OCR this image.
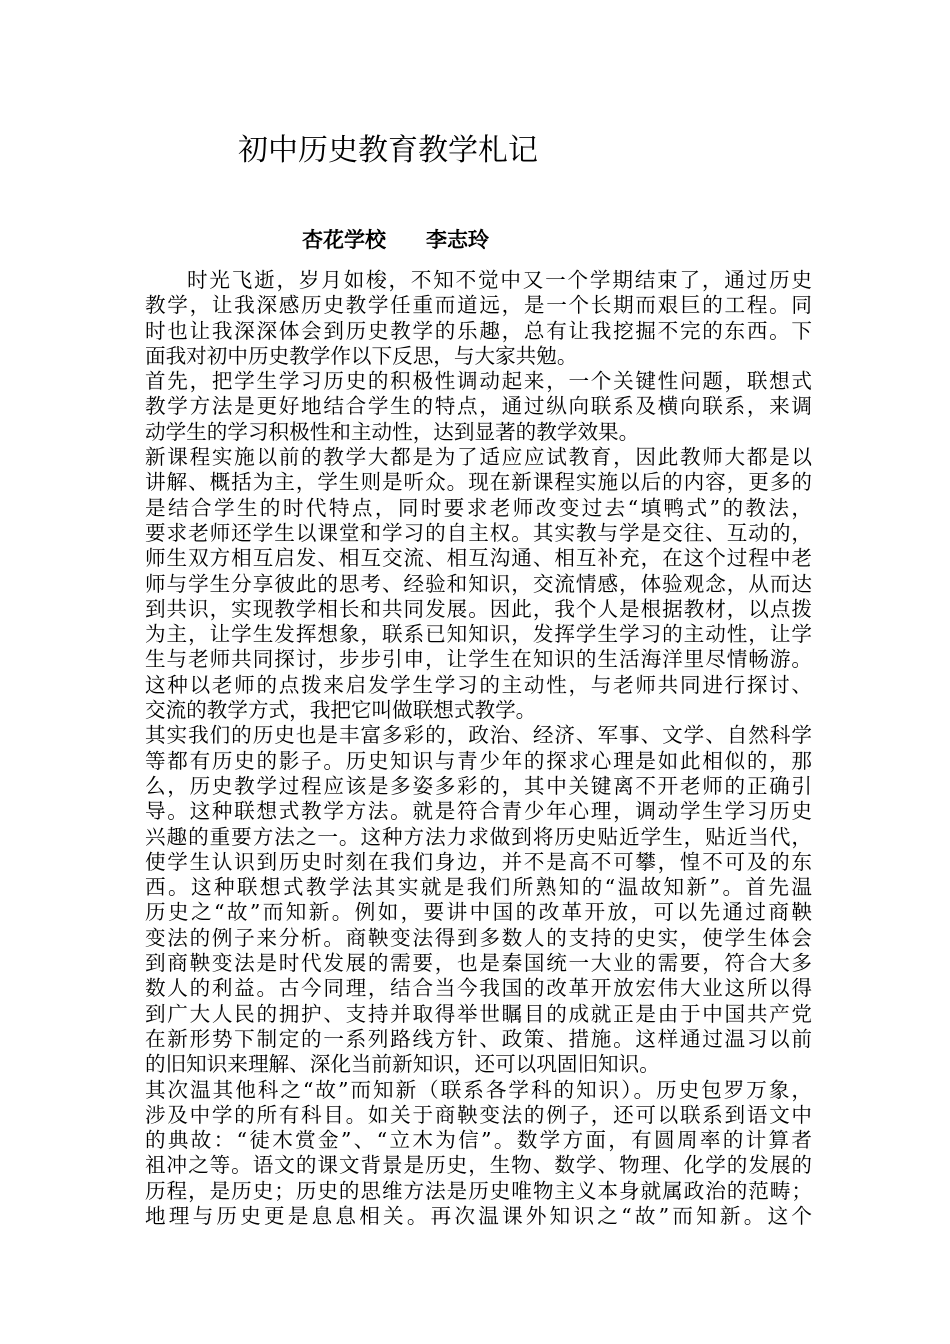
初中历史教育教学札记
杏花学校 李志玲
时光飞逝，岁月如梭，不知不觉中又一个学期结束了，通过历史
教学，让我深感历史教学任重而道远，是一个长期而艰巨的工程。同
时也让我深深体会到历史教学的乐趣，总有让我挖掘不完的东西。下
面我对初中历史教学作以下反思，与大家共勉。
首先，把学生学习历史的积极性调动起来，一个关键性问题，联想式
教学方法是更好地结合学生的特点，通过纵向联系及横向联系，来调
动学生的学习积极性和主动性，达到显著的教学效果。
新课程实施以前的教学大都是为了适应应试教育，因此教师大都是以
讲解、概括为主，学生则是听众。现在新课程实施以后的内容，更多的
是结合学生的时代特点，同时要求老师改变过去“填鸭式”的教法，
要求老师还学生以课堂和学习的自主权。其实教与学是交往、互动的，
师生双方相互启发、相互交流、相互沟通、相互补充，在这个过程中老
师与学生分享彼此的思考、经验和知识，交流情感，体验观念，从而达
到共识，实现教学相长和共同发展。因此，我个人是根据教材，以点拨
为主，让学生发挥想象，联系已知知识，发挥学生学习的主动性，让学
生与老师共同探讨，步步引申，让学生在知识的生活海洋里尽情畅游。
这种以老师的点拨来启发学生学习的主动性，与老师共同进行探讨、
交流的教学方式，我把它叫做联想式教学。
其实我们的历史也是丰富多彩的，政治、经济、军事、文学、自然科学
等都有历史的影子。历史知识与青少年的探求心理是如此相似的，那
么，历史教学过程应该是多姿多彩的，其中关键离不开老师的正确引
导。这种联想式教学方法。就是符合青少年心理，调动学生学习历史
兴趣的重要方法之一。这种方法力求做到将历史贴近学生，贴近当代，
使学生认识到历史时刻在我们身边，并不是高不可攀，惶不可及的东
西。这种联想式教学法其实就是我们所熟知的“温故知新”。首先温
历史之“故”而知新。例如，要讲中国的改革开放，可以先通过商鞅
变法的例子来分析。商鞅变法得到多数人的支持的史实，使学生体会
到商鞅变法是时代发展的需要，也是秦国统一大业的需要，符合大多
数人的利益。古今同理，结合当今我国的改革开放宏伟大业这所以得
到广大人民的拥护、支持并取得举世瞩目的成就正是由于中国共产党
在新形势下制定的一系列路线方针、政策、措施。这样通过温习以前
的旧知识来理解、深化当前新知识，还可以巩固旧知识。
其次温其他科之“故”而知新（联系各学科的知识）。历史包罗万象，
涉及中学的所有科目。如关于商鞅变法的例子，还可以联系到语文中
的典故：“徒木赏金”、“立木为信”。数学方面，有圆周率的计算者
祖冲之等。语文的课文背景是历史，生物、数学、物理、化学的发展的
历程，是历史；历史的思维方法是历史唯物主义本身就属政治的范畴；
地理与历史更是息息相关。再次温课外知识之“故”而知新。这个
